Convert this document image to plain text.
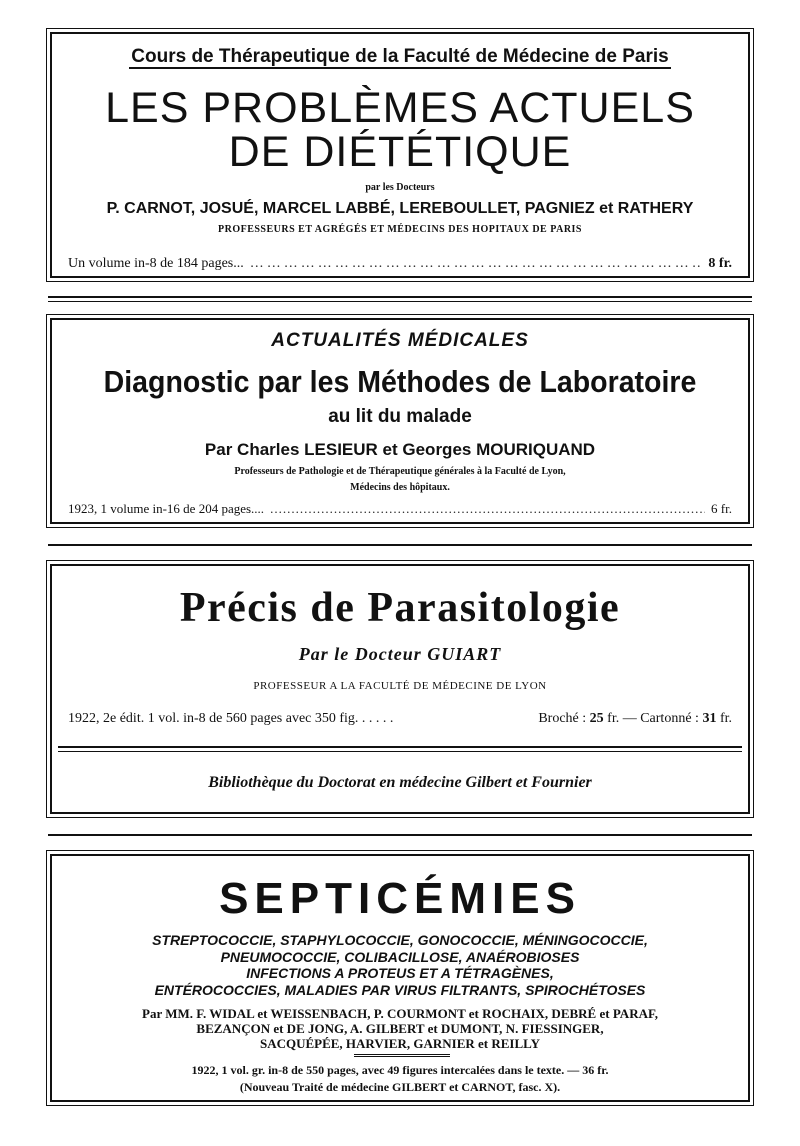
Cours de Thérapeutique de la Faculté de Médecine de Paris

LES PROBLÈMES ACTUELS
DE DIÉTÉTIQUE

par les Docteurs

P. CARNOT, JOSUÉ, MARCEL LABBÉ, LEREBOULLET, PAGNIEZ et RATHERY

PROFESSEURS ET AGRÉGÉS ET MÉDECINS DES HOPITAUX DE PARIS

Un volume in-8 de 184 pages... …………………………………………………………………………………………………………	8 fr.

ACTUALITÉS MÉDICALES

Diagnostic par les Méthodes de Laboratoire

au lit du malade

Par Charles LESIEUR et Georges MOURIQUAND

Professeurs de Pathologie et de Thérapeutique générales à la Faculté de Lyon,

Médecins des hôpitaux.

1923, 1 volume in-16 de 204 pages.... .....	6 fr.

Précis de Parasitologie

Par le Docteur GUIART

PROFESSEUR A LA FACULTÉ DE MÉDECINE DE LYON

1922, 2e édit. 1 vol. in-8 de 560 pages avec 350 fig. . . . . .	Broché : 25 fr. — Cartonné : 31 fr.

Bibliothèque du Doctorat en médecine Gilbert et Fournier

SEPTICÉMIES

STREPTOCOCCIE, STAPHYLOCOCCIE, GONOCOCCIE, MÉNINGOCOCCIE,
PNEUMOCOCCIE, COLIBACILLOSE, ANAÉROBIOSES
INFECTIONS A PROTEUS ET A TÉTRAGÈNES,
ENTÉROCOCCIES, MALADIES PAR VIRUS FILTRANTS, SPIROCHÉTOSES
Par MM. F. WIDAL et WEISSENBACH, P. COURMONT et ROCHAIX, DEBRÉ et PARAF,
BEZANÇON et DE JONG, A. GILBERT et DUMONT, N. FIESSINGER,
SACQUÉPÉE, HARVIER, GARNIER et REILLY

1922, 1 vol. gr. in-8 de 550 pages, avec 49 figures intercalées dans le texte. — 36 fr.

(Nouveau Traité de médecine GILBERT et CARNOT, fasc. X).
